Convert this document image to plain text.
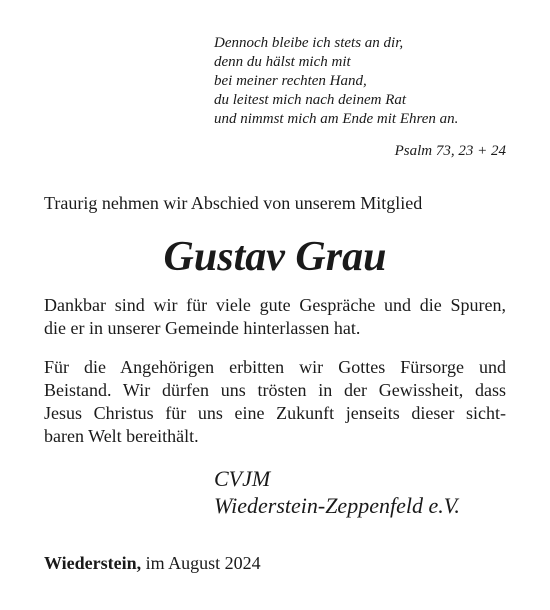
Dennoch bleibe ich stets an dir,
denn du hälst mich mit
bei meiner rechten Hand,
du leitest mich nach deinem Rat
und nimmst mich am Ende mit Ehren an.
Psalm 73, 23 + 24
Traurig nehmen wir Abschied von unserem Mitglied
Gustav Grau
Dankbar sind wir für viele gute Gespräche und die Spuren,
die er in unserer Gemeinde hinterlassen hat.
Für die Angehörigen erbitten wir Gottes Fürsorge und
Beistand. Wir dürfen uns trösten in der Gewissheit, dass
Jesus Christus für uns eine Zukunft jenseits dieser sicht-
baren Welt bereithält.
CVJM
Wiederstein-Zeppenfeld e.V.
Wiederstein, im August 2024
